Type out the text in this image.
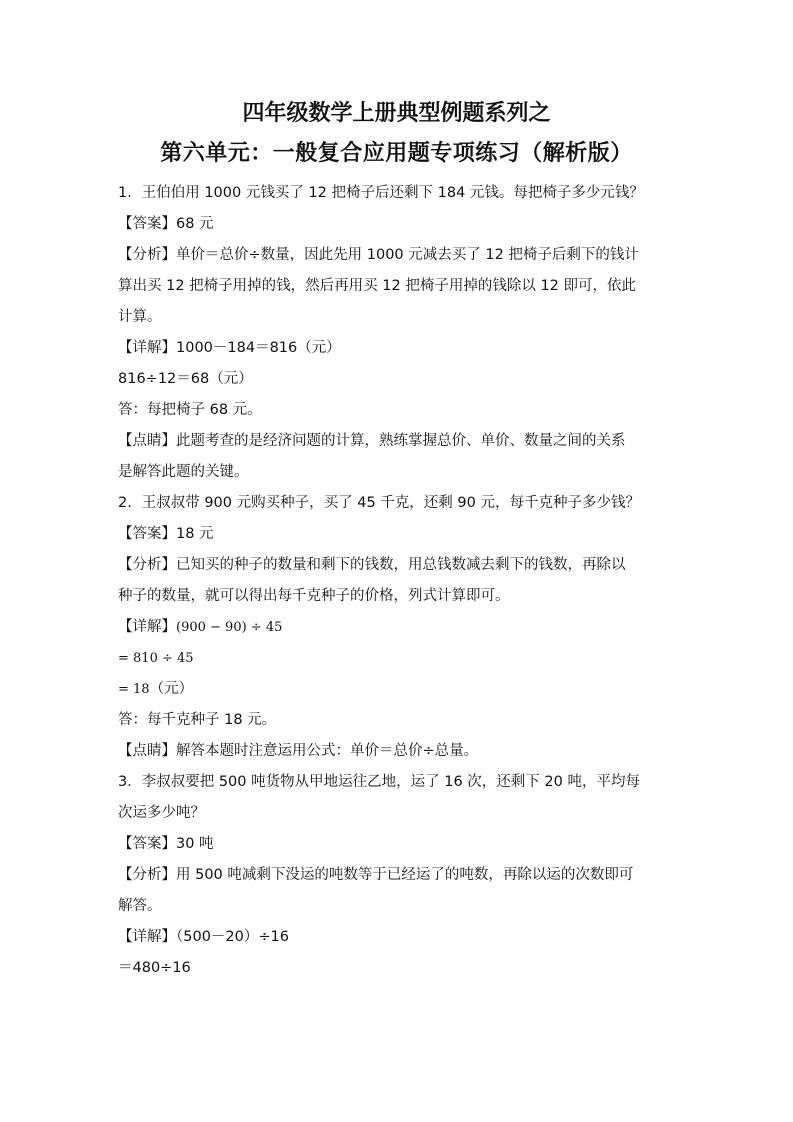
四年级数学上册典型例题系列之

第六单元：一般复合应用题专项练习（解析版）

1．王伯伯用 1000 元钱买了 12 把椅子后还剩下 184 元钱。每把椅子多少元钱？

【答案】68 元

【分析】单价＝总价÷数量，因此先用 1000 元减去买了 12 把椅子后剩下的钱计

算出买 12 把椅子用掉的钱，然后再用买 12 把椅子用掉的钱除以 12 即可，依此

计算。

【详解】1000－184＝816（元）

816÷12＝68（元）

答：每把椅子 68 元。

【点睛】此题考查的是经济问题的计算，熟练掌握总价、单价、数量之间的关系

是解答此题的关键。

2．王叔叔带 900 元购买种子，买了 45 千克，还剩 90 元，每千克种子多少钱？

【答案】18 元

【分析】已知买的种子的数量和剩下的钱数，用总钱数减去剩下的钱数，再除以

种子的数量，就可以得出每千克种子的价格，列式计算即可。

【详解】(900 − 90) ÷ 45

= 810 ÷ 45

= 18（元）

答：每千克种子 18 元。

【点睛】解答本题时注意运用公式：单价＝总价÷总量。

3．李叔叔要把 500 吨货物从甲地运往乙地，运了 16 次，还剩下 20 吨，平均每

次运多少吨？

【答案】30 吨

【分析】用 500 吨减剩下没运的吨数等于已经运了的吨数，再除以运的次数即可

解答。

【详解】（500－20）÷16

＝480÷16
